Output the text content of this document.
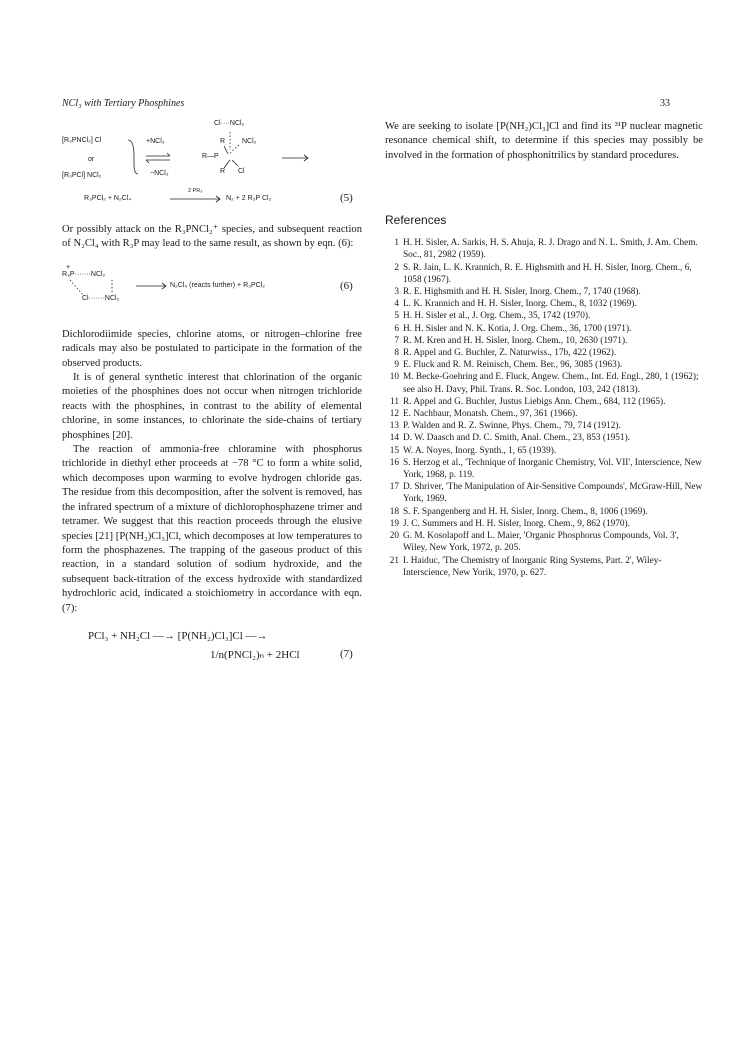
NCl₃ with Tertiary Phosphines	33
Cl····NCl₂
[R₃PNCl₂] Cl	+NCl₃
or
[R₃PCl] NCl₂	−NCl₃
R NCl₂
R—P
R Cl
R₃PCl₂ + N₂Cl₄
2 PR₃
N₂ + 2 R₃P Cl₂	(5)

Or possibly attack on the R₃PNCl₂⁺ species, and subsequent reaction of N₂Cl₄ with R₃P may lead to the same result, as shown by eqn. (6):

+
R₃P·······NCl₂
Cl·······NCl₂
N₂Cl₄ (reacts further) + R₃PCl₂	(6)

Dichlorodiimide species, chlorine atoms, or nitrogen–chlorine free radicals may also be postulated to participate in the formation of the observed products.

It is of general synthetic interest that chlorination of the organic moieties of the phosphines does not occur when nitrogen trichloride reacts with the phosphines, in contrast to the ability of elemental chlorine, in some instances, to chlorinate the side-chains of tertiary phosphines [20].

The reaction of ammonia-free chloramine with phosphorus trichloride in diethyl ether proceeds at −78 °C to form a white solid, which decomposes upon warming to evolve hydrogen chloride gas. The residue from this decomposition, after the solvent is removed, has the infrared spectrum of a mixture of dichlorophosphazene trimer and tetramer. We suggest that this reaction proceeds through the elusive species [21] [P(NH₂)Cl₃]Cl, which decomposes at low temperatures to form the phosphazenes. The trapping of the gaseous product of this reaction, in a standard solution of sodium hydroxide, and the subsequent back-titration of the excess hydroxide with standardized hydrochloric acid, indicated a stoichiometry in accordance with eqn. (7):

PCl₃ + NH₂Cl —→ [P(NH₂)Cl₃]Cl —→
1/n(PNCl₂)ₙ + 2HCl	(7)

We are seeking to isolate [P(NH₂)Cl₃]Cl and find its ³¹P nuclear magnetic resonance chemical shift, to determine if this species may possibly be involved in the formation of phosphonitrilics by standard procedures.

References
1 H. H. Sisler, A. Sarkis, H. S. Ahuja, R. J. Drago and N. L. Smith, J. Am. Chem. Soc., 81, 2982 (1959).
2 S. R. Jain, L. K. Krannich, R. E. Highsmith and H. H. Sisler, Inorg. Chem., 6, 1058 (1967).
3 R. E. Highsmith and H. H. Sisler, Inorg. Chem., 7, 1740 (1968).
4 L. K. Krannich and H. H. Sisler, Inorg. Chem., 8, 1032 (1969).
5 H. H. Sisler et al., J. Org. Chem., 35, 1742 (1970).
6 H. H. Sisler and N. K. Kotia, J. Org. Chem., 36, 1700 (1971).
7 R. M. Kren and H. H. Sisler, Inorg. Chem., 10, 2630 (1971).
8 R. Appel and G. Buchler, Z. Naturwiss., 17b, 422 (1962).
9 E. Fluck and R. M. Reinisch, Chem. Ber., 96, 3085 (1963).
10 M. Becke-Goehring and E. Fluck, Angew. Chem., Int. Ed. Engl., 280, 1 (1962); see also H. Davy, Phil. Trans. R. Soc. London, 103, 242 (1813).
11 R. Appel and G. Buchler, Justus Liebigs Ann. Chem., 684, 112 (1965).
12 E. Nachbaur, Monatsh. Chem., 97, 361 (1966).
13 P. Walden and R. Z. Swinne, Phys. Chem., 79, 714 (1912).
14 D. W. Daasch and D. C. Smith, Anal. Chem., 23, 853 (1951).
15 W. A. Noyes, Inorg. Synth., 1, 65 (1939).
16 S. Herzog et al., 'Technique of Inorganic Chemistry, Vol. VII', Interscience, New York, 1968, p. 119.
17 D. Shriver, 'The Manipulation of Air-Sensitive Compounds', McGraw-Hill, New York, 1969.
18 S. F. Spangenberg and H. H. Sisler, Inorg. Chem., 8, 1006 (1969).
19 J. C. Summers and H. H. Sisler, Inorg. Chem., 9, 862 (1970).
20 G. M. Kosolapoff and L. Maier, 'Organic Phosphorus Compounds, Vol. 3', Wiley, New York, 1972, p. 205.
21 I. Haiduc, 'The Chemistry of Inorganic Ring Systems, Part. 2', Wiley-Interscience, New Yorik, 1970, p. 627.
